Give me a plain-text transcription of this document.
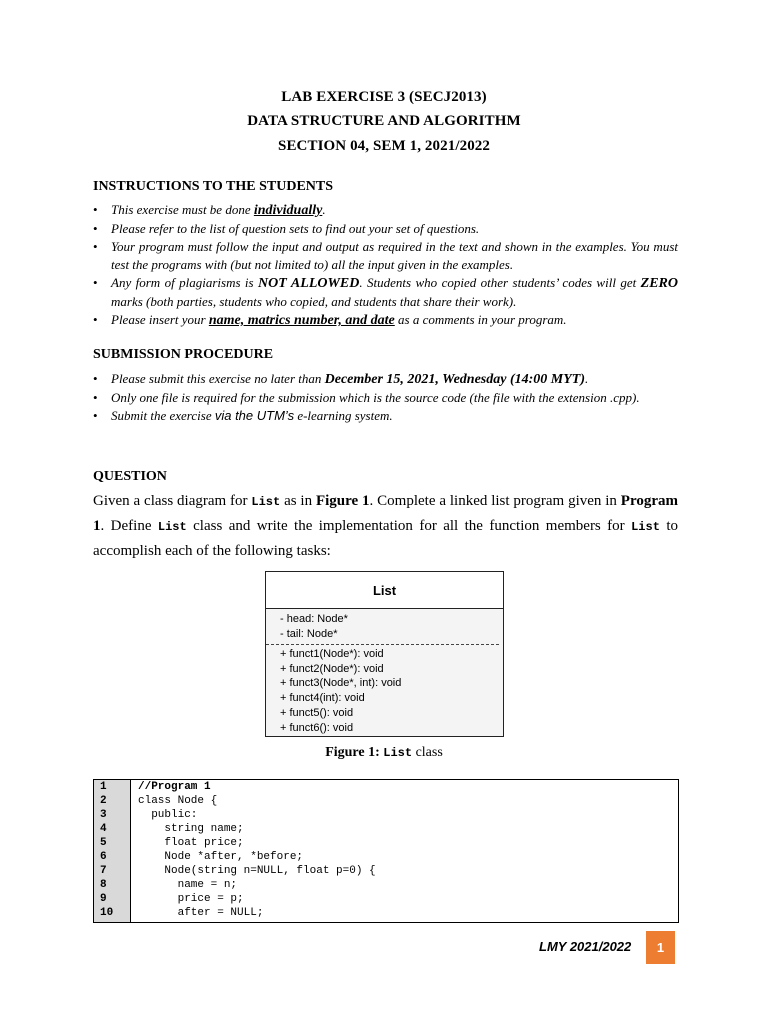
LAB EXERCISE 3 (SECJ2013)
DATA STRUCTURE AND ALGORITHM
SECTION 04, SEM 1, 2021/2022
INSTRUCTIONS TO THE STUDENTS
• This exercise must be done individually.
• Please refer to the list of question sets to find out your set of questions.
• Your program must follow the input and output as required in the text and shown in the examples. You must test the programs with (but not limited to) all the input given in the examples.
• Any form of plagiarisms is NOT ALLOWED. Students who copied other students’ codes will get ZERO marks (both parties, students who copied, and students that share their work).
• Please insert your name, matrics number, and date as a comments in your program.
SUBMISSION PROCEDURE
• Please submit this exercise no later than December 15, 2021, Wednesday (14:00 MYT).
• Only one file is required for the submission which is the source code (the file with the extension .cpp).
• Submit the exercise via the UTM’s e-learning system.
QUESTION
Given a class diagram for List as in Figure 1. Complete a linked list program given in Program 1. Define List class and write the implementation for all the function members for List to accomplish each of the following tasks:
List
- head: Node*
- tail: Node*
+ funct1(Node*): void
+ funct2(Node*): void
+ funct3(Node*, int): void
+ funct4(int): void
+ funct5(): void
+ funct6(): void
Figure 1: List class
1
2
3
4
5
6
7
8
9
10
//Program 1
class Node {
public:
string name;
float price;
Node *after, *before;
Node(string n=NULL, float p=0) {
name = n;
price = p;
after = NULL;
LMY 2021/2022	1
